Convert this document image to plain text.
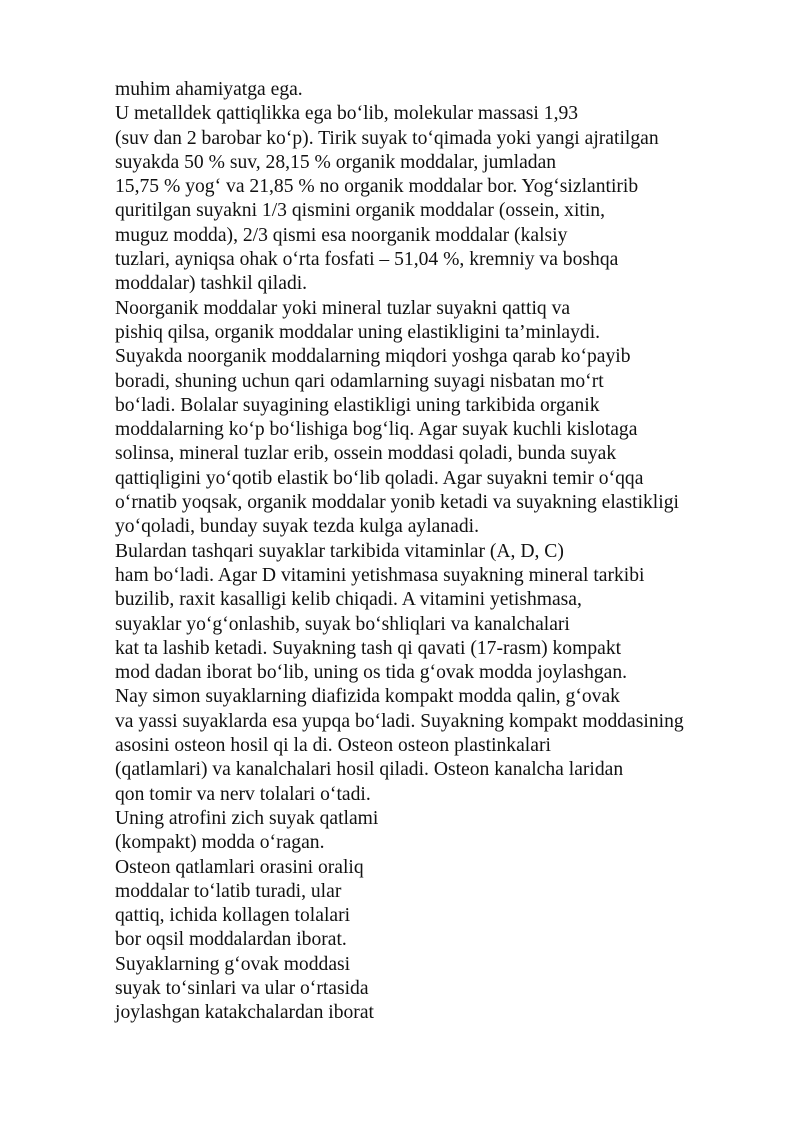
muhim ahamiyatga ega.
U metalldek qattiqlikka ega bo‘lib, molekular massasi 1,93
(suv dan 2 barobar ko‘p). Tirik suyak to‘qimada yoki yangi ajratilgan
suyakda 50 % suv, 28,15 % organik moddalar, jumladan
15,75 % yog‘ va 21,85 % no organik moddalar bor. Yog‘sizlantirib
quritilgan suyakni 1/3 qismini organik moddalar (ossein, xitin,
muguz modda), 2/3 qismi esa noorganik moddalar (kalsiy
tuzlari, ayniqsa ohak o‘rta fosfati – 51,04 %, kremniy va boshqa
moddalar) tashkil qiladi.
Noorganik moddalar yoki mineral tuzlar suyakni qattiq va
pishiq qilsa, organik moddalar uning elastikligini ta’minlaydi.
Suyakda noorganik moddalarning miqdori yoshga qarab ko‘payib
boradi, shuning uchun qari odamlarning suyagi nisbatan mo‘rt
bo‘ladi. Bolalar suyagining elastikligi uning tarkibida organik
moddalarning ko‘p bo‘lishiga bog‘liq. Agar suyak kuchli kislotaga
solinsa, mineral tuzlar erib, ossein moddasi qoladi, bunda suyak
qattiqligini yo‘qotib elastik bo‘lib qoladi. Agar suyakni temir o‘qqa
o‘rnatib yoqsak, organik moddalar yonib ketadi va suyakning elastikligi
yo‘qoladi, bunday suyak tezda kulga aylanadi.
Bulardan tashqari suyaklar tarkibida vitaminlar (A, D, C)
ham bo‘ladi. Agar D vitamini yetishmasa suyakning mineral tarkibi
buzilib, raxit kasalligi kelib chiqadi. A vitamini yetishmasa,
suyaklar yo‘g‘onlashib, suyak bo‘shliqlari va kanalchalari
kat ta lashib ketadi. Suyakning tash qi qavati (17-rasm) kompakt
mod dadan iborat bo‘lib, uning os tida g‘ovak modda joylashgan.
Nay simon suyaklarning diafizida kompakt modda qalin, g‘ovak
va yassi suyaklarda esa yupqa bo‘ladi. Suyakning kompakt moddasining
asosini osteon hosil qi la di. Osteon osteon plastinkalari
(qatlamlari) va kanalchalari hosil qiladi. Osteon kanalcha laridan
qon tomir va nerv tolalari o‘tadi.
Uning atrofini zich suyak qatlami
(kompakt) modda o‘ragan.
Osteon qatlamlari orasini oraliq
moddalar to‘latib turadi, ular
qattiq, ichida kollagen tolalari
bor oqsil moddalardan iborat.
Suyaklarning g‘ovak moddasi
suyak to‘sinlari va ular o‘rtasida
joylashgan katakchalardan iborat
